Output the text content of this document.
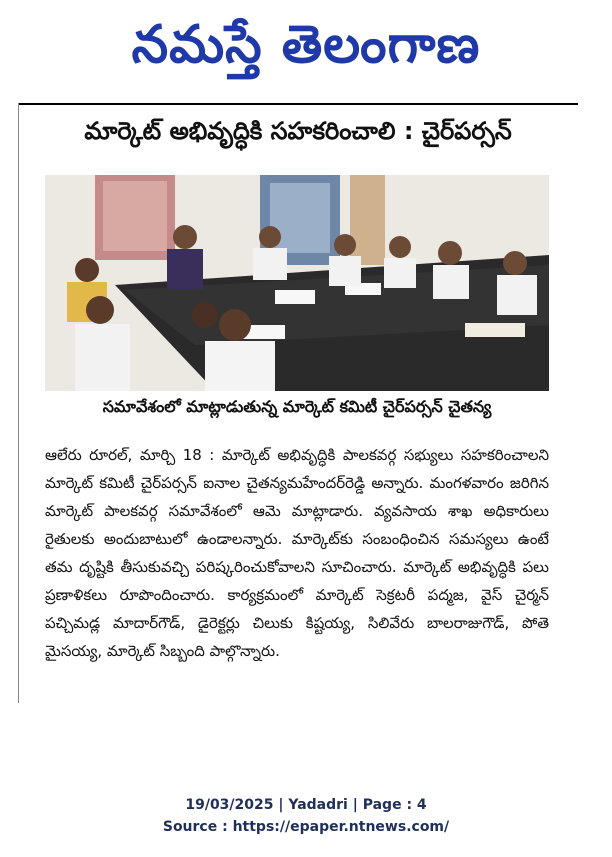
నమస్తే తెలంగాణ
మార్కెట్ అభివృద్ధికి సహకరించాలి : చైర్‌పర్సన్
సమావేశంలో మాట్లాడుతున్న మార్కెట్ కమిటీ చైర్‌పర్సన్ చైతన్య
ఆలేరు రూరల్, మార్చి 18 : మార్కెట్ అభివృద్ధికి పాలకవర్గ సభ్యులు సహకరించాలని మార్కెట్ కమిటీ చైర్‌పర్సన్ ఐనాల చైతన్యమహేందర్‌రెడ్డి అన్నారు. మంగళవారం జరిగిన మార్కెట్ పాలకవర్గ సమావేశంలో ఆమె మాట్లాడారు. వ్యవసాయ శాఖ అధికారులు రైతులకు అందుబాటులో ఉండాలన్నారు. మార్కెట్‌కు సంబంధించిన సమస్యలు ఉంటే తమ దృష్టికి తీసుకువచ్చి పరిష్కరించుకోవాలని సూచించారు. మార్కెట్ అభివృద్ధికి పలు ప్రణాళికలు రూపొందించారు. కార్యక్రమంలో మార్కెట్ సెక్రటరీ పద్మజ, వైస్ చైర్మన్ పచ్చిమడ్ల మాదార్‌గౌడ్, డైరెక్టర్లు చిలుకు కిష్టయ్య, సిలివేరు బాలరాజుగౌడ్, పోతె మైసయ్య, మార్కెట్ సిబ్బంది పాల్గొన్నారు.
19/03/2025 | Yadadri | Page : 4
Source : https://epaper.ntnews.com/
